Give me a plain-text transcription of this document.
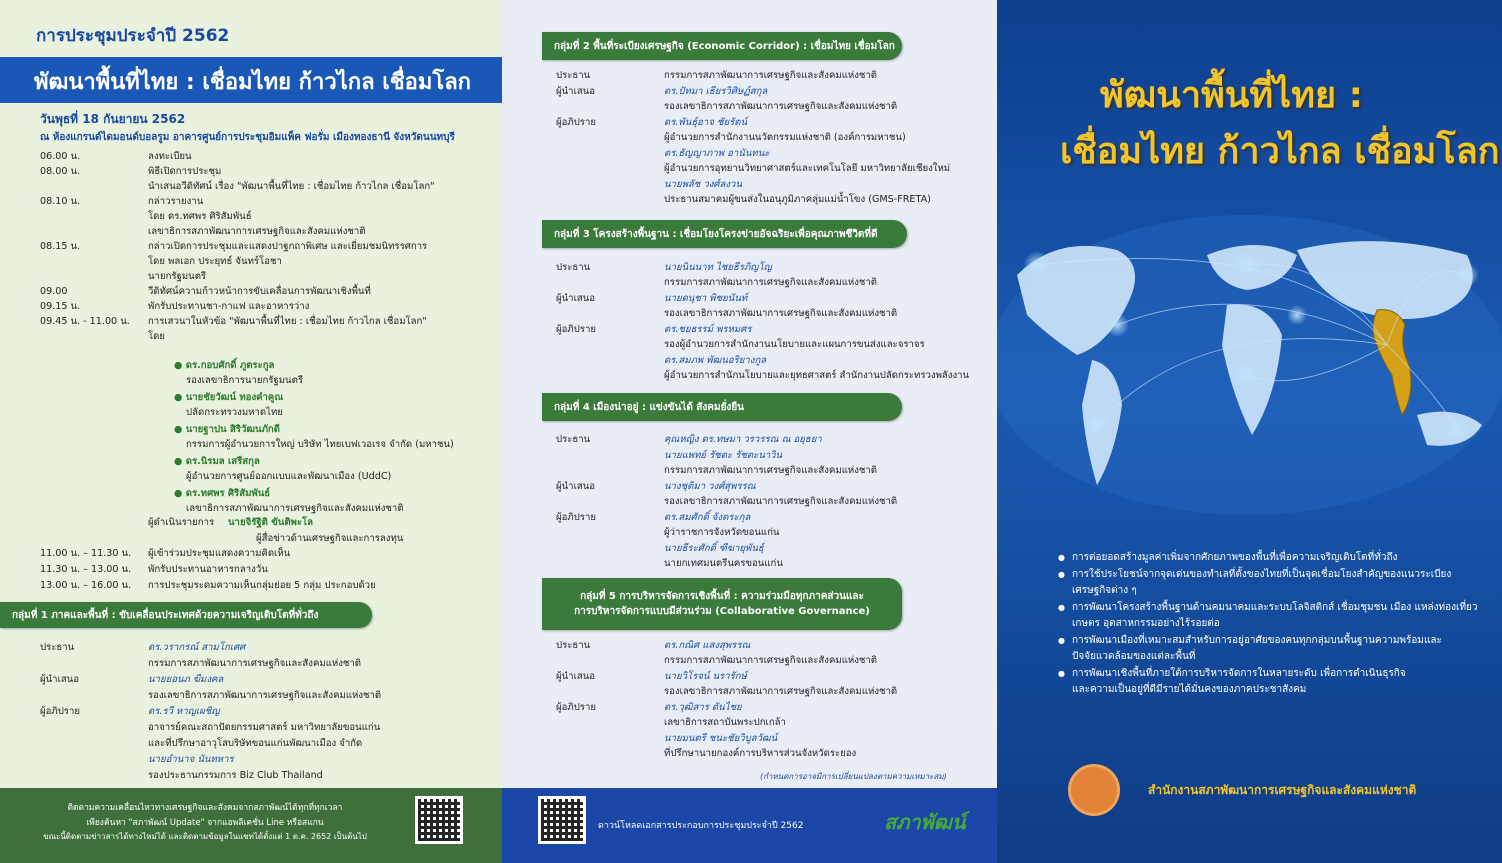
การประชุมประจำปี 2562
พัฒนาพื้นที่ไทย : เชื่อมไทย ก้าวไกล เชื่อมโลก
วันพุธที่ 18 กันยายน 2562
ณ ห้องแกรนด์ไดมอนด์บอลรูม อาคารศูนย์การประชุมอิมแพ็ค ฟอรั่ม เมืองทองธานี จังหวัดนนทบุรี
ติดตามความเคลื่อนไหวทางเศรษฐกิจและสังคมจากสภาพัฒน์ได้ทุกที่ทุกเวลา
เพียงค้นหา "สภาพัฒน์ Update" จากแอพลิเคชั่น Line หรือสแกน
ขณะนี้ติดตามข่าวสารได้ทางไหม่ได้ และติดตามข้อมูลในแชทได้ตั้งแต่ 1 ต.ค. 2652 เป็นต้นไป
(กำหนดการอาจมีการเปลี่ยนแปลงตามความเหมาะสม)
ดาวน์โหลดเอกสารประกอบการประชุมประจำปี 2562	สภาพัฒน์
พัฒนาพื้นที่ไทย :
เชื่อมไทย ก้าวไกล เชื่อมโลก
สำนักงานสภาพัฒนาการเศรษฐกิจและสังคมแห่งชาติ
06.00 น.	ลงทะเบียน
08.00 น.	พิธีเปิดการประชุม
นำเสนอวีดิทัศน์ เรื่อง "พัฒนาพื้นที่ไทย : เชื่อมไทย ก้าวไกล เชื่อมโลก"
08.10 น.	กล่าวรายงาน
โดย ดร.ทศพร ศิริสัมพันธ์
เลขาธิการสภาพัฒนาการเศรษฐกิจและสังคมแห่งชาติ
08.15 น.	กล่าวเปิดการประชุมและแสดงปาฐกถาพิเศษ และเยี่ยมชมนิทรรศการ
โดย พลเอก ประยุทธ์ จันทร์โอชา
นายกรัฐมนตรี
09.00	วีดิทัศน์ความก้าวหน้าการขับเคลื่อนการพัฒนาเชิงพื้นที่
09.15 น.	พักรับประทานชา-กาแฟ และอาหารว่าง
09.45 น. - 11.00 น. การเสวนาในหัวข้อ "พัฒนาพื้นที่ไทย : เชื่อมไทย ก้าวไกล เชื่อมโลก"
โดย
● ดร.กอบศักดิ์ ภูตระกูล
รองเลขาธิการนายกรัฐมนตรี
● นายชัยวัฒน์ ทองคำคูณ
ปลัดกระทรวงมหาดไทย
● นายฐาปน สิริวัฒนภักดี
กรรมการผู้อำนวยการใหญ่ บริษัท ไทยเบฟเวอเรจ จำกัด (มหาชน)
● ดร.นิรมล เสรีสกุล
ผู้อำนวยการศูนย์ออกแบบและพัฒนาเมือง (UddC)
● ดร.ทศพร ศิริสัมพันธ์
เลขาธิการสภาพัฒนาการเศรษฐกิจและสังคมแห่งชาติ
ผู้ดำเนินรายการ นายจิรัฐิติ ขันติพะโล
ผู้สื่อข่าวด้านเศรษฐกิจและการลงทุน
11.00 น. – 11.30 น. ผู้เข้าร่วมประชุมแสดงความคิดเห็น
11.30 น. – 13.00 น. พักรับประทานอาหารกลางวัน
13.00 น. – 16.00 น. การประชุมระดมความเห็นกลุ่มย่อย 5 กลุ่ม ประกอบด้วย
กลุ่มที่ 1 ภาคและพื้นที่ : ขับเคลื่อนประเทศด้วยความเจริญเติบโตที่ทั่วถึง
ประธาน	ดร.วรากรณ์ สามโกเศศ
กรรมการสภาพัฒนาการเศรษฐกิจและสังคมแห่งชาติ
ผู้นำเสนอ	นายยอนภ ฆีมงคล
รองเลขาธิการสภาพัฒนาการเศรษฐกิจและสังคมแห่งชาติ
ผู้อภิปราย	ดร.รวี หาญเผชิญ
อาจารย์คณะสถาปัตยกรรมศาสตร์ มหาวิทยาลัยขอนแก่น
และที่ปรึกษาอาวุโสบริษัทขอนแก่นพัฒนาเมือง จำกัด
นายอำนาจ นันทหาร
รองประธานกรรมการ Biz Club Thailand
กลุ่มที่ 2 พื้นที่ระเบียงเศรษฐกิจ (Economic Corridor) : เชื่อมไทย เชื่อมโลก
ประธาน	กรรมการสภาพัฒนาการเศรษฐกิจและสังคมแห่งชาติ
ผู้นำเสนอ	ดร.ปัทมา เธียรวิศิษฏ์สกุล
รองเลขาธิการสภาพัฒนาการเศรษฐกิจและสังคมแห่งชาติ
ผู้อภิปราย	ดร.พันธุ์อาจ ชัยรัตน์
ผู้อำนวยการสำนักงานนวัตกรรมแห่งชาติ (องค์การมหาชน)
ดร.ธัญญาภาพ อานันทนะ
ผู้อำนวยการอุทยานวิทยาศาสตร์และเทคโนโลยี มหาวิทยาลัยเชียงใหม่
นายพลัช วงศ์ลงวน
ประธานสมาคมผู้ขนส่งในอนุภูมิภาคลุ่มแม่น้ำโขง (GMS-FRETA)
กลุ่มที่ 3 โครงสร้างพื้นฐาน : เชื่อมโยงโครงข่ายอัจฉริยะเพื่อคุณภาพชีวิตที่ดี
ประธาน	นายนินนาท ไชยธีรภิญโญ
กรรมการสภาพัฒนาการเศรษฐกิจและสังคมแห่งชาติ
ผู้นำเสนอ	นายดนุชา พิชยนันท์
รองเลขาธิการสภาพัฒนาการเศรษฐกิจและสังคมแห่งชาติ
ผู้อภิปราย	ดร.ชยธรรม์ พรหมศร
รองผู้อำนวยการสำนักงานนโยบายและแผนการขนส่งและจราจร
ดร.สมภพ พัฒนอริยางกูล
ผู้อำนวยการสำนักนโยบายและยุทธศาสตร์ สำนักงานปลัดกระทรวงพลังงาน
กลุ่มที่ 4 เมืองน่าอยู่ : แข่งขันได้ สังคมยั่งยืน
ประธาน	คุณหญิง ดร.ทษมา วรวรรณ ณ อยุธยา
นายแพทย์ รัชตะ รัชตะนาวิน
กรรมการสภาพัฒนาการเศรษฐกิจและสังคมแห่งชาติ
ผู้นำเสนอ	นางชุติมา วงศ์สุพรรณ
รองเลขาธิการสภาพัฒนาการเศรษฐกิจและสังคมแห่งชาติ
ผู้อภิปราย	ดร.สมศักดิ์ จังตระกุล
ผู้ว่าราชการจังหวัดขอนแก่น
นายธีระศักดิ์ ฑีฆายุพันธุ์
นายกเทศมนตรีนครขอนแก่น
กลุ่มที่ 5 การบริหารจัดการเชิงพื้นที่ : ความร่วมมือทุกภาคส่วนและ
การบริหารจัดการแบบมีส่วนร่วม (Collaborative Governance)
ประธาน	ดร.กณิศ แสงสุพรรณ
กรรมการสภาพัฒนาการเศรษฐกิจและสังคมแห่งชาติ
ผู้นำเสนอ	นายวิโรจน์ นรารักษ์
รองเลขาธิการสภาพัฒนาการเศรษฐกิจและสังคมแห่งชาติ
ผู้อภิปราย	ดร.วุฒิสาร ตันไชย
เลขาธิการสถาบันพระปกเกล้า
นายมนตรี ชนะชัยวิบูลวัฒน์
ที่ปรึกษานายกองค์การบริหารส่วนจังหวัดระยอง
การต่อยอดสร้างมูลค่าเพิ่มจากศักยภาพของพื้นที่เพื่อความเจริญเติบโตที่ทั่วถึง
●
การใช้ประโยชน์จากจุดเด่นของทำเลที่ตั้งของไทยที่เป็นจุดเชื่อมโยงสำคัญของแนวระเบียง
●
เศรษฐกิจต่าง ๆ
การพัฒนาโครงสร้างพื้นฐานด้านคมนาคมและระบบโลจิสติกส์ เชื่อมชุมชน เมือง แหล่งท่องเที่ยว
●
เกษตร อุตสาหกรรมอย่างไร้รอยต่อ
การพัฒนาเมืองที่เหมาะสมสำหรับการอยู่อาศัยของคนทุกกลุ่มบนพื้นฐานความพร้อมและ
●
ปัจจัยแวดล้อมของแต่ละพื้นที่
การพัฒนาเชิงพื้นที่ภายใต้การบริหารจัดการในหลายระดับ เพื่อการดำเนินธุรกิจ
●
และความเป็นอยู่ที่ดีมีรายได้มั่นคงของภาคประชาสังคม
